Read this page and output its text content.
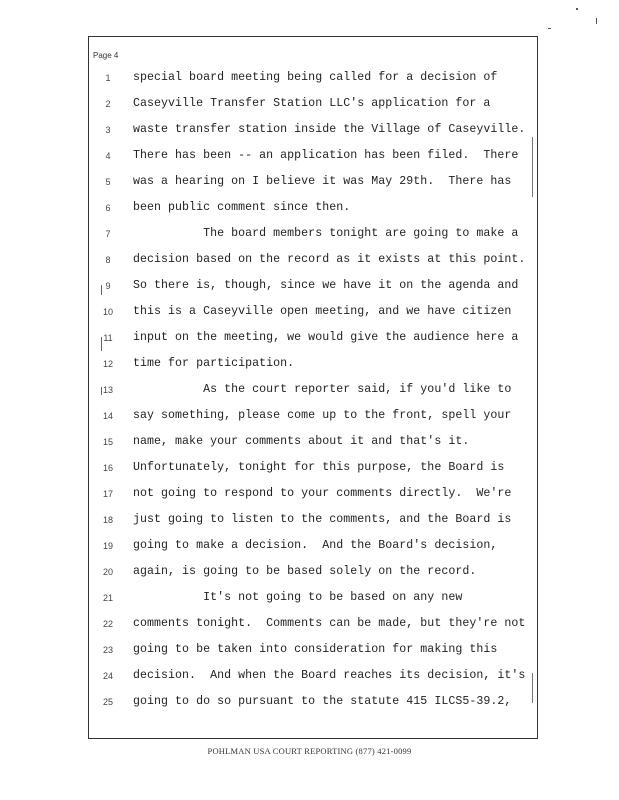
Page 4
1	special board meeting being called for a decision of
2	Caseyville Transfer Station LLC's application for a
3	waste transfer station inside the Village of Caseyville.
4	There has been -- an application has been filed.  There
5	was a hearing on I believe it was May 29th.  There has
6	been public comment since then.
7	The board members tonight are going to make a
8	decision based on the record as it exists at this point.
9	So there is, though, since we have it on the agenda and
10	this is a Caseyville open meeting, and we have citizen
11	input on the meeting, we would give the audience here a
12	time for participation.
13	As the court reporter said, if you'd like to
14	say something, please come up to the front, spell your
15	name, make your comments about it and that's it.
16	Unfortunately, tonight for this purpose, the Board is
17	not going to respond to your comments directly.  We're
18	just going to listen to the comments, and the Board is
19	going to make a decision.  And the Board's decision,
20	again, is going to be based solely on the record.
21	It's not going to be based on any new
22	comments tonight.  Comments can be made, but they're not
23	going to be taken into consideration for making this
24	decision.  And when the Board reaches its decision, it's
25	going to do so pursuant to the statute 415 ILCS5-39.2,
POHLMAN USA COURT REPORTING (877) 421-0099
